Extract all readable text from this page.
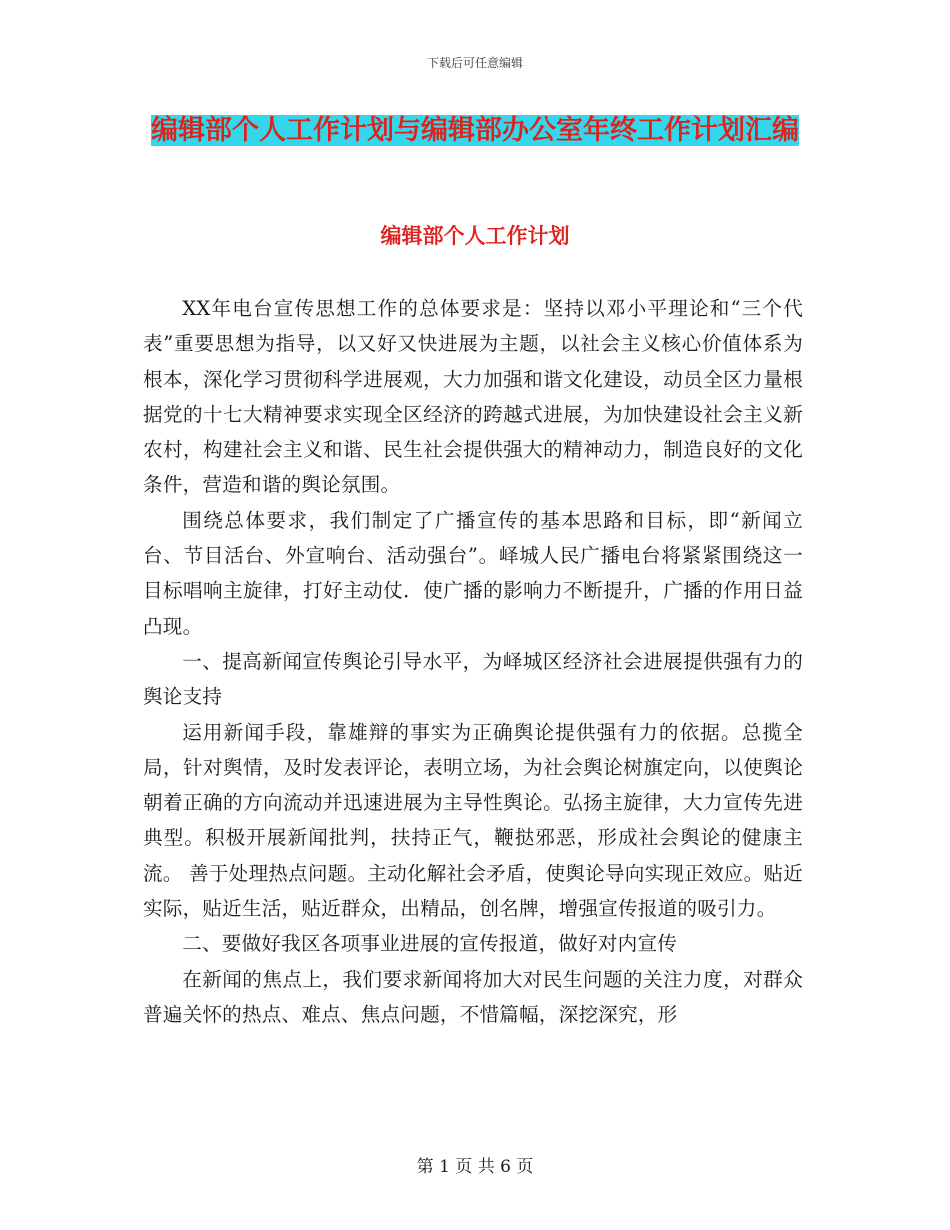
下载后可任意编辑
编辑部个人工作计划与编辑部办公室年终工作计划汇编
编辑部个人工作计划

XX年电台宣传思想工作的总体要求是：坚持以邓小平理论和“三个代表”重要思想为指导，以又好又快进展为主题，以社会主义核心价值体系为根本，深化学习贯彻科学进展观，大力加强和谐文化建设，动员全区力量根据党的十七大精神要求实现全区经济的跨越式进展，为加快建设社会主义新农村，构建社会主义和谐、民生社会提供强大的精神动力，制造良好的文化条件，营造和谐的舆论氛围。

围绕总体要求，我们制定了广播宣传的基本思路和目标，即“新闻立台、节目活台、外宣响台、活动强台”。峄城人民广播电台将紧紧围绕这一目标唱响主旋律，打好主动仗．使广播的影响力不断提升，广播的作用日益凸现。

一、提高新闻宣传舆论引导水平，为峄城区经济社会进展提供强有力的舆论支持

运用新闻手段，靠雄辩的事实为正确舆论提供强有力的依据。总揽全局，针对舆情，及时发表评论，表明立场，为社会舆论树旗定向，以使舆论朝着正确的方向流动并迅速进展为主导性舆论。弘扬主旋律，大力宣传先进典型。积极开展新闻批判，扶持正气，鞭挞邪恶，形成社会舆论的健康主流。 善于处理热点问题。主动化解社会矛盾，使舆论导向实现正效应。贴近实际，贴近生活，贴近群众，出精品，创名牌，增强宣传报道的吸引力。

二、要做好我区各项事业进展的宣传报道，做好对内宣传

在新闻的焦点上，我们要求新闻将加大对民生问题的关注力度，对群众普遍关怀的热点、难点、焦点问题，不惜篇幅，深挖深究，形

第 1 页 共 6 页
